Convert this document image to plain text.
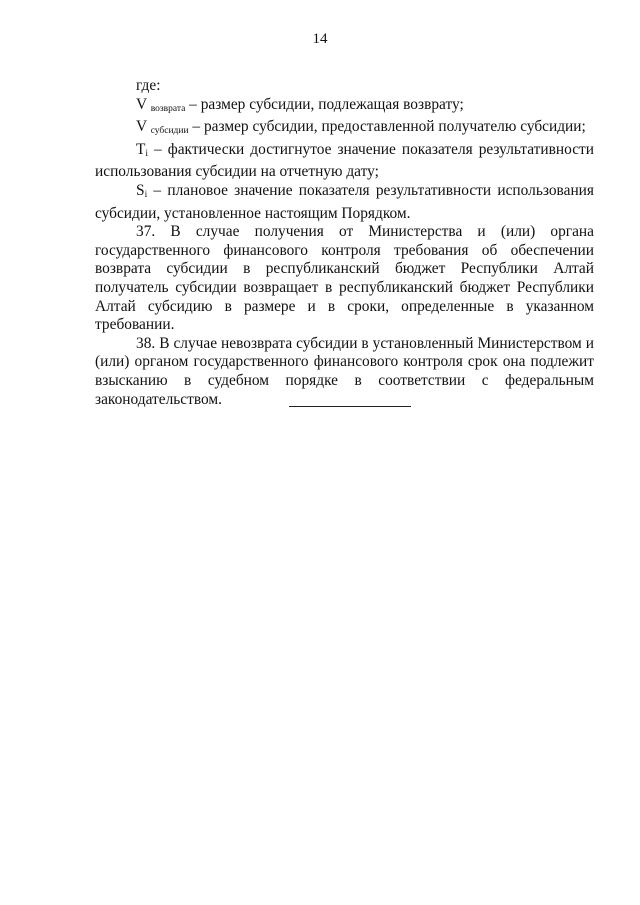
14

где:

V $_{возврата}$ – размер субсидии, подлежащая возврату;

V $_{субсидии}$ – размер субсидии, предоставленной получателю субсидии;

$T_i$ – фактически достигнутое значение показателя результативности использования субсидии на отчетную дату;

$S_i$ – плановое значение показателя результативности использования субсидии, установленное настоящим Порядком.

37. В случае получения от Министерства и (или) органа государственного финансового контроля требования об обеспечении возврата субсидии в республиканский бюджет Республики Алтай получатель субсидии возвращает в республиканский бюджет Республики Алтай субсидию в размере и в сроки, определенные в указанном требовании.

38. В случае невозврата субсидии в установленный Министерством и (или) органом государственного финансового контроля срок она подлежит взысканию в судебном порядке в соответствии с федеральным законодательством.
